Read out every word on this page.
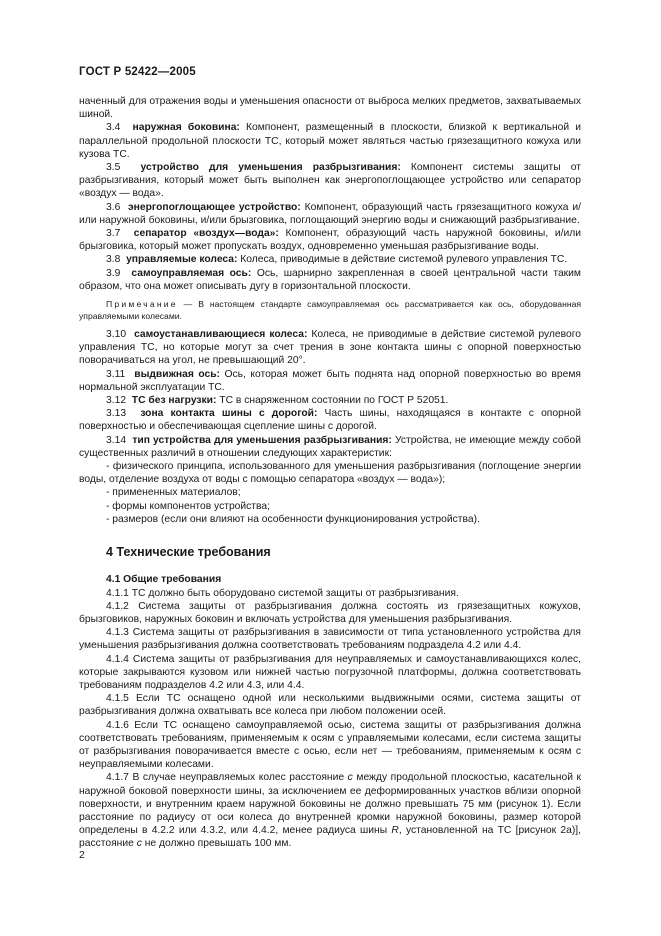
ГОСТ Р 52422—2005

наченный для отражения воды и уменьшения опасности от выброса мелких предметов, захватываемых шиной.

3.4 наружная боковина: Компонент, размещенный в плоскости, близкой к вертикальной и параллельной продольной плоскости ТС, который может являться частью грязезащитного кожуха или кузова ТС.

3.5 устройство для уменьшения разбрызгивания: Компонент системы защиты от разбрызгивания, который может быть выполнен как энергопоглощающее устройство или сепаратор «воздух — вода».

3.6 энергопоглощающее устройство: Компонент, образующий часть грязезащитного кожуха и/или наружной боковины, и/или брызговика, поглощающий энергию воды и снижающий разбрызгивание.

3.7 сепаратор «воздух—вода»: Компонент, образующий часть наружной боковины, и/или брызговика, который может пропускать воздух, одновременно уменьшая разбрызгивание воды.

3.8 управляемые колеса: Колеса, приводимые в действие системой рулевого управления ТС.

3.9 самоуправляемая ось: Ось, шарнирно закрепленная в своей центральной части таким образом, что она может описывать дугу в горизонтальной плоскости.

Примечание — В настоящем стандарте самоуправляемая ось рассматривается как ось, оборудованная управляемыми колесами.

3.10 самоустанавливающиеся колеса: Колеса, не приводимые в действие системой рулевого управления ТС, но которые могут за счет трения в зоне контакта шины с опорной поверхностью поворачиваться на угол, не превышающий 20°.

3.11 выдвижная ось: Ось, которая может быть поднята над опорной поверхностью во время нормальной эксплуатации ТС.

3.12 ТС без нагрузки: ТС в снаряженном состоянии по ГОСТ Р 52051.

3.13 зона контакта шины с дорогой: Часть шины, находящаяся в контакте с опорной поверхностью и обеспечивающая сцепление шины с дорогой.

3.14 тип устройства для уменьшения разбрызгивания: Устройства, не имеющие между собой существенных различий в отношении следующих характеристик:

- физического принципа, использованного для уменьшения разбрызгивания (поглощение энергии воды, отделение воздуха от воды с помощью сепаратора «воздух — вода»);

- примененных материалов;

- формы компонентов устройства;

- размеров (если они влияют на особенности функционирования устройства).

4 Технические требования
4.1 Общие требования

4.1.1 ТС должно быть оборудовано системой защиты от разбрызгивания.

4.1.2 Система защиты от разбрызгивания должна состоять из грязезащитных кожухов, брызговиков, наружных боковин и включать устройства для уменьшения разбрызгивания.

4.1.3 Система защиты от разбрызгивания в зависимости от типа установленного устройства для уменьшения разбрызгивания должна соответствовать требованиям подраздела 4.2 или 4.4.

4.1.4 Система защиты от разбрызгивания для неуправляемых и самоустанавливающихся колес, которые закрываются кузовом или нижней частью погрузочной платформы, должна соответствовать требованиям подразделов 4.2 или 4.3, или 4.4.

4.1.5 Если ТС оснащено одной или несколькими выдвижными осями, система защиты от разбрызгивания должна охватывать все колеса при любом положении осей.

4.1.6 Если ТС оснащено самоуправляемой осью, система защиты от разбрызгивания должна соответствовать требованиям, применяемым к осям с управляемыми колесами, если система защиты от разбрызгивания поворачивается вместе с осью, если нет — требованиям, применяемым к осям с неуправляемыми колесами.

4.1.7 В случае неуправляемых колес расстояние c между продольной плоскостью, касательной к наружной боковой поверхности шины, за исключением ее деформированных участков вблизи опорной поверхности, и внутренним краем наружной боковины не должно превышать 75 мм (рисунок 1). Если расстояние по радиусу от оси колеса до внутренней кромки наружной боковины, размер которой определены в 4.2.2 или 4.3.2, или 4.4.2, менее радиуса шины R, установленной на ТС [рисунок 2а)], расстояние c не должно превышать 100 мм.

2
